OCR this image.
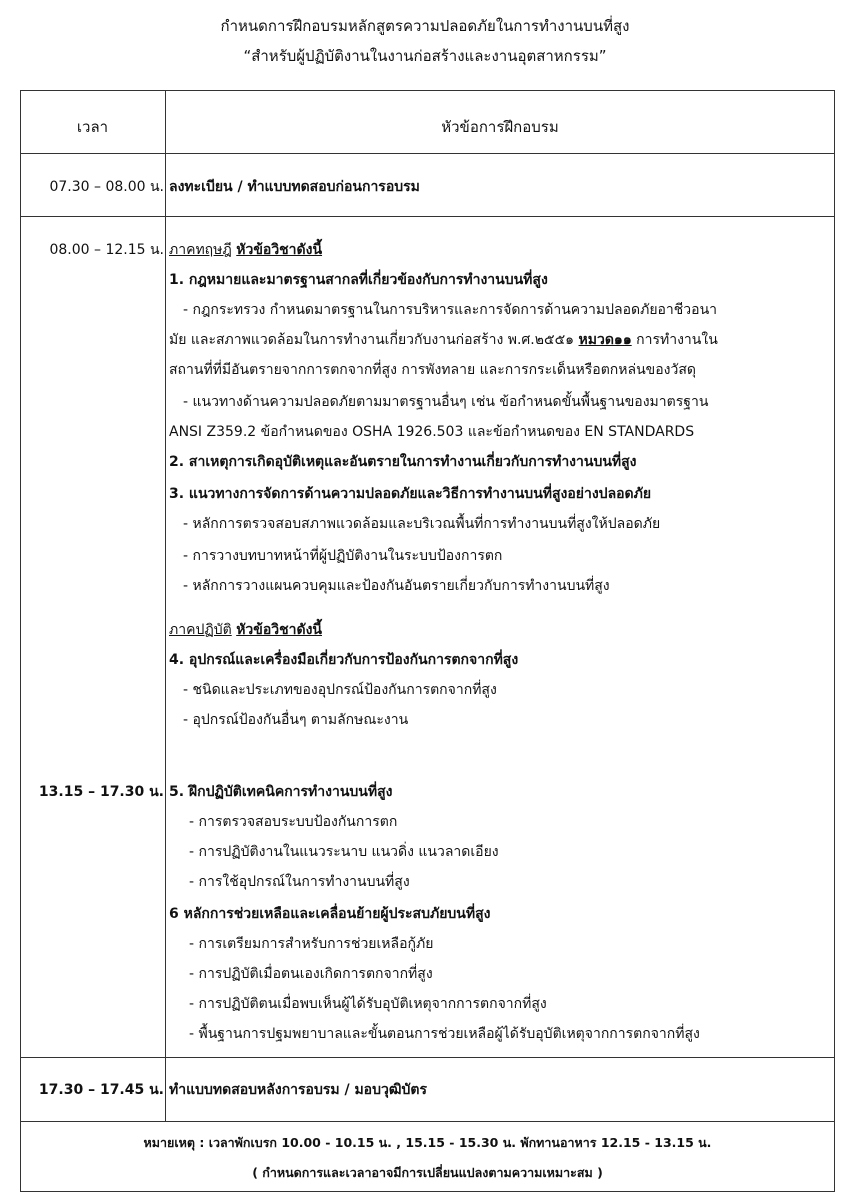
กำหนดการฝึกอบรมหลักสูตรความปลอดภัยในการทำงานบนที่สูง
“สำหรับผู้ปฏิบัติงานในงานก่อสร้างและงานอุตสาหกรรม”
เวลา	หัวข้อการฝึกอบรม
07.30 – 08.00 น. ลงทะเบียน / ทำแบบทดสอบก่อนการอบรม
08.00 – 12.15 น. ภาคทฤษฎี หัวข้อวิชาดังนี้
1. กฎหมายและมาตรฐานสากลที่เกี่ยวข้องกับการทำงานบนที่สูง
- กฎกระทรวง กำหนดมาตรฐานในการบริหารและการจัดการด้านความปลอดภัยอาชีวอนา
มัย และสภาพแวดล้อมในการทำงานเกี่ยวกับงานก่อสร้าง พ.ศ.๒๕๕๑ หมวด๑๑ การทำงานใน
สถานที่ที่มีอันตรายจากการตกจากที่สูง การพังทลาย และการกระเด็นหรือตกหล่นของวัสดุ
- แนวทางด้านความปลอดภัยตามมาตรฐานอื่นๆ เช่น ข้อกำหนดขั้นพื้นฐานของมาตรฐาน
ANSI Z359.2 ข้อกำหนดของ OSHA 1926.503 และข้อกำหนดของ EN STANDARDS
2. สาเหตุการเกิดอุบัติเหตุและอันตรายในการทำงานเกี่ยวกับการทำงานบนที่สูง
3. แนวทางการจัดการด้านความปลอดภัยและวิธีการทำงานบนที่สูงอย่างปลอดภัย
- หลักการตรวจสอบสภาพแวดล้อมและบริเวณพื้นที่การทำงานบนที่สูงให้ปลอดภัย
- การวางบทบาทหน้าที่ผู้ปฏิบัติงานในระบบป้องการตก
- หลักการวางแผนควบคุมและป้องกันอันตรายเกี่ยวกับการทำงานบนที่สูง
ภาคปฏิบัติ หัวข้อวิชาดังนี้
4. อุปกรณ์และเครื่องมือเกี่ยวกับการป้องกันการตกจากที่สูง
- ชนิดและประเภทของอุปกรณ์ป้องกันการตกจากที่สูง
- อุปกรณ์ป้องกันอื่นๆ ตามลักษณะงาน
13.15 – 17.30 น. 5. ฝึกปฏิบัติเทคนิคการทำงานบนที่สูง
- การตรวจสอบระบบป้องกันการตก
- การปฏิบัติงานในแนวระนาบ แนวดิ่ง แนวลาดเอียง
- การใช้อุปกรณ์ในการทำงานบนที่สูง
6 หลักการช่วยเหลือและเคลื่อนย้ายผู้ประสบภัยบนที่สูง
- การเตรียมการสำหรับการช่วยเหลือกู้ภัย
- การปฏิบัติเมื่อตนเองเกิดการตกจากที่สูง
- การปฏิบัติตนเมื่อพบเห็นผู้ได้รับอุบัติเหตุจากการตกจากที่สูง
- พื้นฐานการปฐมพยาบาลและขั้นตอนการช่วยเหลือผู้ได้รับอุบัติเหตุจากการตกจากที่สูง
17.30 – 17.45 น. ทำแบบทดสอบหลังการอบรม / มอบวุฒิบัตร
หมายเหตุ : เวลาพักเบรก 10.00 - 10.15 น. , 15.15 - 15.30 น. พักทานอาหาร 12.15 - 13.15 น.
( กำหนดการและเวลาอาจมีการเปลี่ยนแปลงตามความเหมาะสม )
